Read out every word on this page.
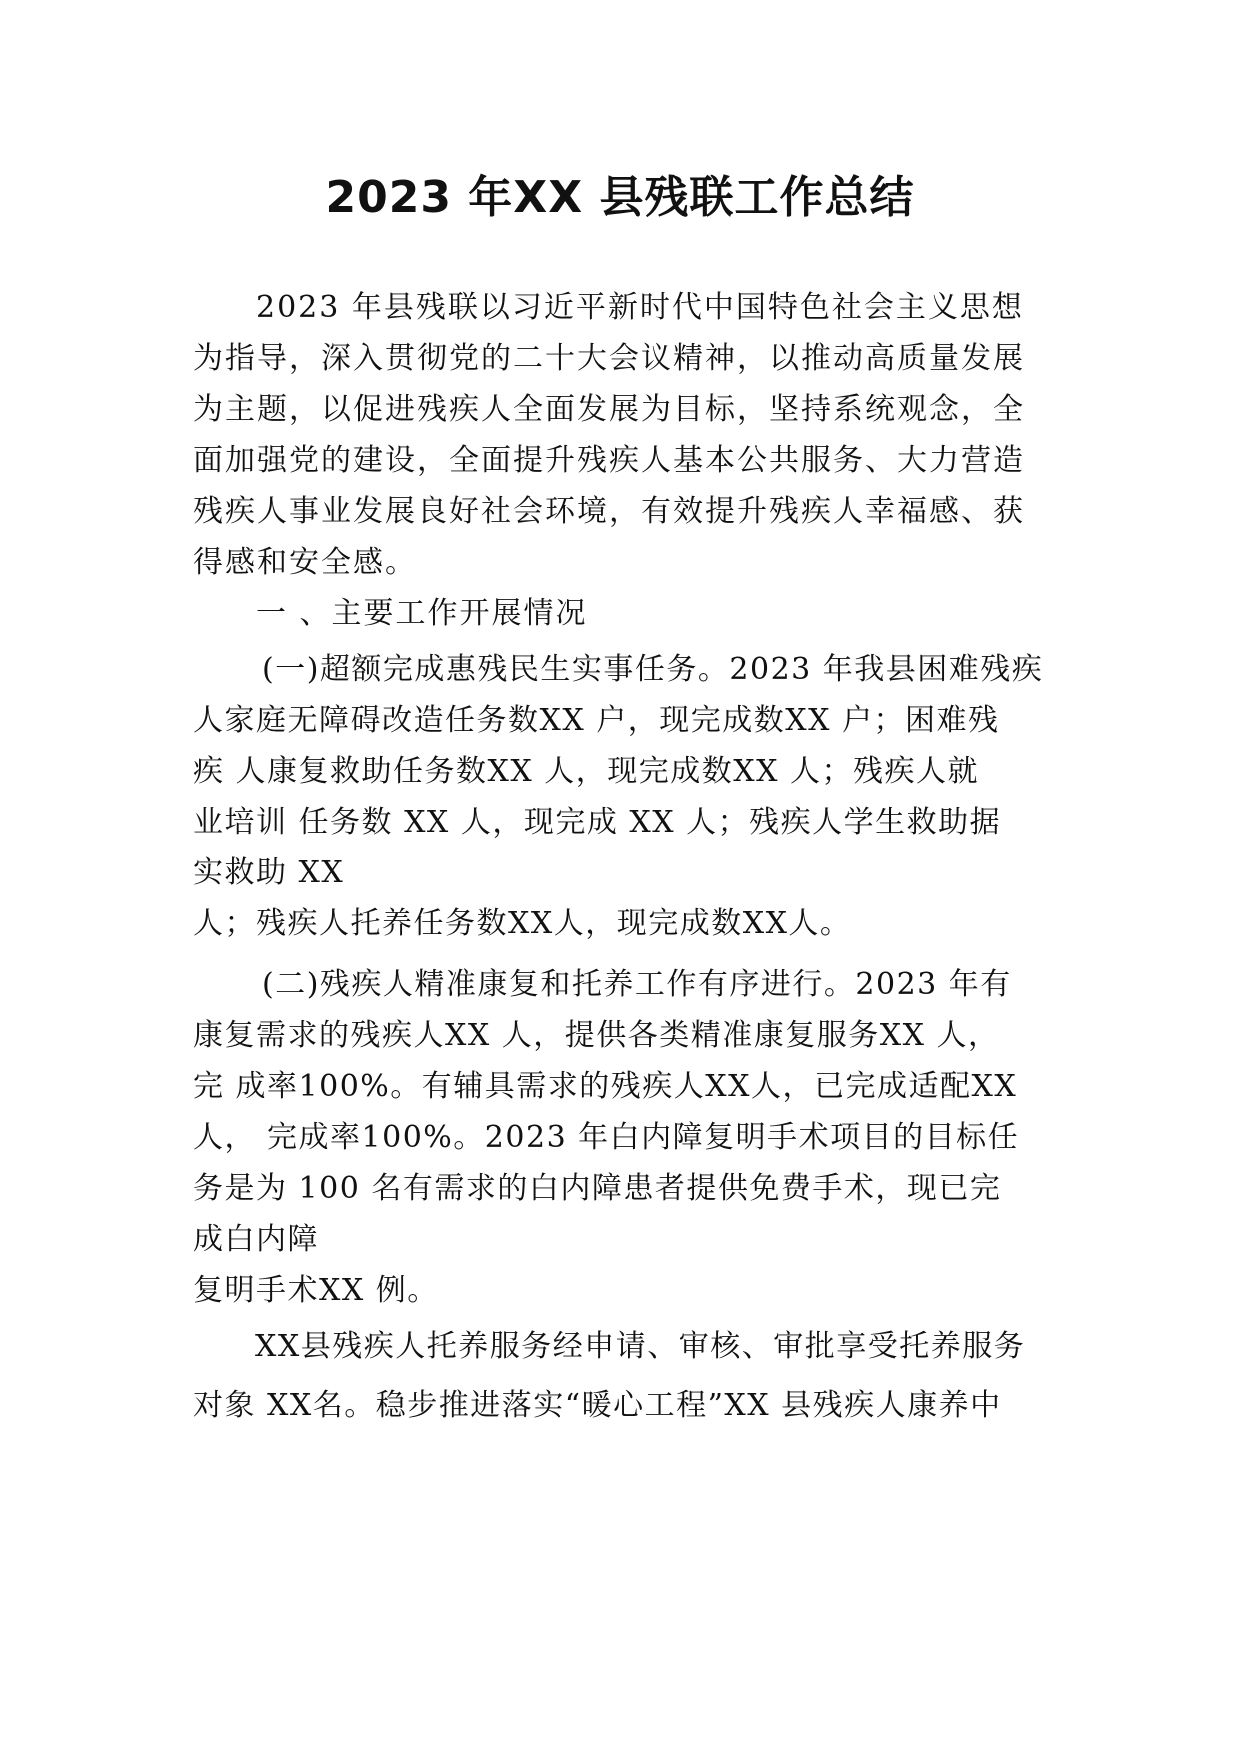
2023 年XX 县残联工作总结
2023 年县残联以习近平新时代中国特色社会主义思想
为指导，深入贯彻党的二十大会议精神，以推动高质量发展
为主题，以促进残疾人全面发展为目标，坚持系统观念，全
面加强党的建设，全面提升残疾人基本公共服务、大力营造
残疾人事业发展良好社会环境，有效提升残疾人幸福感、获
得感和安全感。
一 、主要工作开展情况
(一)超额完成惠残民生实事任务。2023 年我县困难残疾
人家庭无障碍改造任务数XX 户，现完成数XX 户；困难残
疾 人康复救助任务数XX 人，现完成数XX 人；残疾人就
业培训 任务数 XX 人，现完成 XX 人；残疾人学生救助据
实救助 XX
人；残疾人托养任务数XX人，现完成数XX人。
(二)残疾人精准康复和托养工作有序进行。2023 年有
康复需求的残疾人XX 人，提供各类精准康复服务XX 人，
完 成率100%。有辅具需求的残疾人XX人，已完成适配XX
人， 完成率100%。2023 年白内障复明手术项目的目标任
务是为 100 名有需求的白内障患者提供免费手术，现已完
成白内障
复明手术XX 例。
XX县残疾人托养服务经申请、审核、审批享受托养服务
对象 XX名。稳步推进落实“暖心工程”XX 县残疾人康养中
